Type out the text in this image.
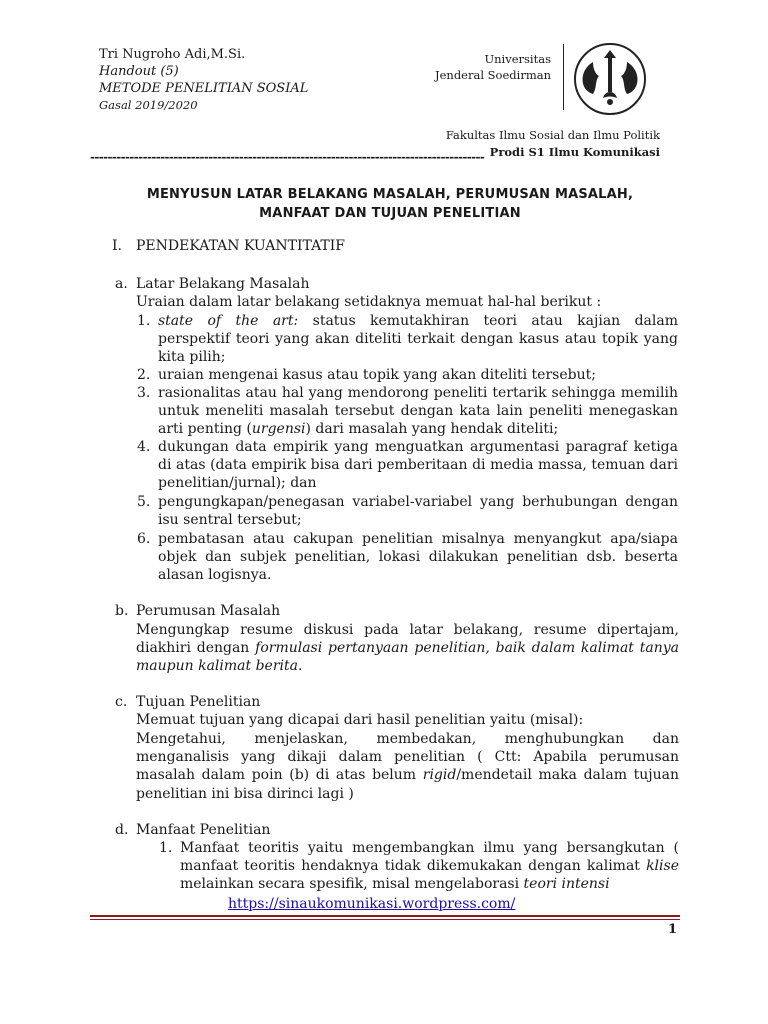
Tri Nugroho Adi,M.Si.
Handout (5)
METODE PENELITIAN SOSIAL
Gasal 2019/2020
Universitas
Jenderal Soedirman
Fakultas Ilmu Sosial dan Ilmu Politik
Prodi S1 Ilmu Komunikasi
------------------------------------------------------------------------------------------
MENYUSUN LATAR BELAKANG MASALAH, PERUMUSAN MASALAH,
MANFAAT DAN TUJUAN PENELITIAN
I. PENDEKATAN KUANTITATIF
a. Latar Belakang Masalah
Uraian dalam latar belakang setidaknya memuat hal-hal berikut :
1. state of the art: status kemutakhiran teori atau kajian dalam
perspektif teori yang akan diteliti terkait dengan kasus atau topik yang kita pilih;
2. uraian mengenai kasus atau topik yang akan diteliti tersebut;
3. rasionalitas atau hal yang mendorong peneliti tertarik sehingga memilih untuk meneliti masalah tersebut dengan kata lain peneliti menegaskan arti penting (urgensi) dari masalah yang hendak diteliti;
4. dukungan data empirik yang menguatkan argumentasi paragraf ketiga di atas (data empirik bisa dari pemberitaan di media massa, temuan dari penelitian/jurnal); dan
5. pengungkapan/penegasan variabel-variabel yang berhubungan dengan isu sentral tersebut;
6. pembatasan atau cakupan penelitian misalnya menyangkut apa/siapa objek dan subjek penelitian, lokasi dilakukan penelitian dsb. beserta alasan logisnya.
b. Perumusan Masalah
Mengungkap resume diskusi pada latar belakang, resume dipertajam, diakhiri dengan formulasi pertanyaan penelitian, baik dalam kalimat tanya maupun kalimat berita.
c. Tujuan Penelitian
Memuat tujuan yang dicapai dari hasil penelitian yaitu (misal):
Mengetahui, menjelaskan, membedakan, menghubungkan dan menganalisis yang dikaji dalam penelitian ( Ctt: Apabila perumusan masalah dalam poin (b) di atas belum rigid/mendetail maka dalam tujuan penelitian ini bisa dirinci lagi )
d. Manfaat Penelitian
1. Manfaat teoritis yaitu mengembangkan ilmu yang bersangkutan ( manfaat teoritis hendaknya tidak dikemukakan dengan kalimat klise melainkan secara spesifik, misal mengelaborasi teori intensi
https://sinaukomunikasi.wordpress.com/
1
